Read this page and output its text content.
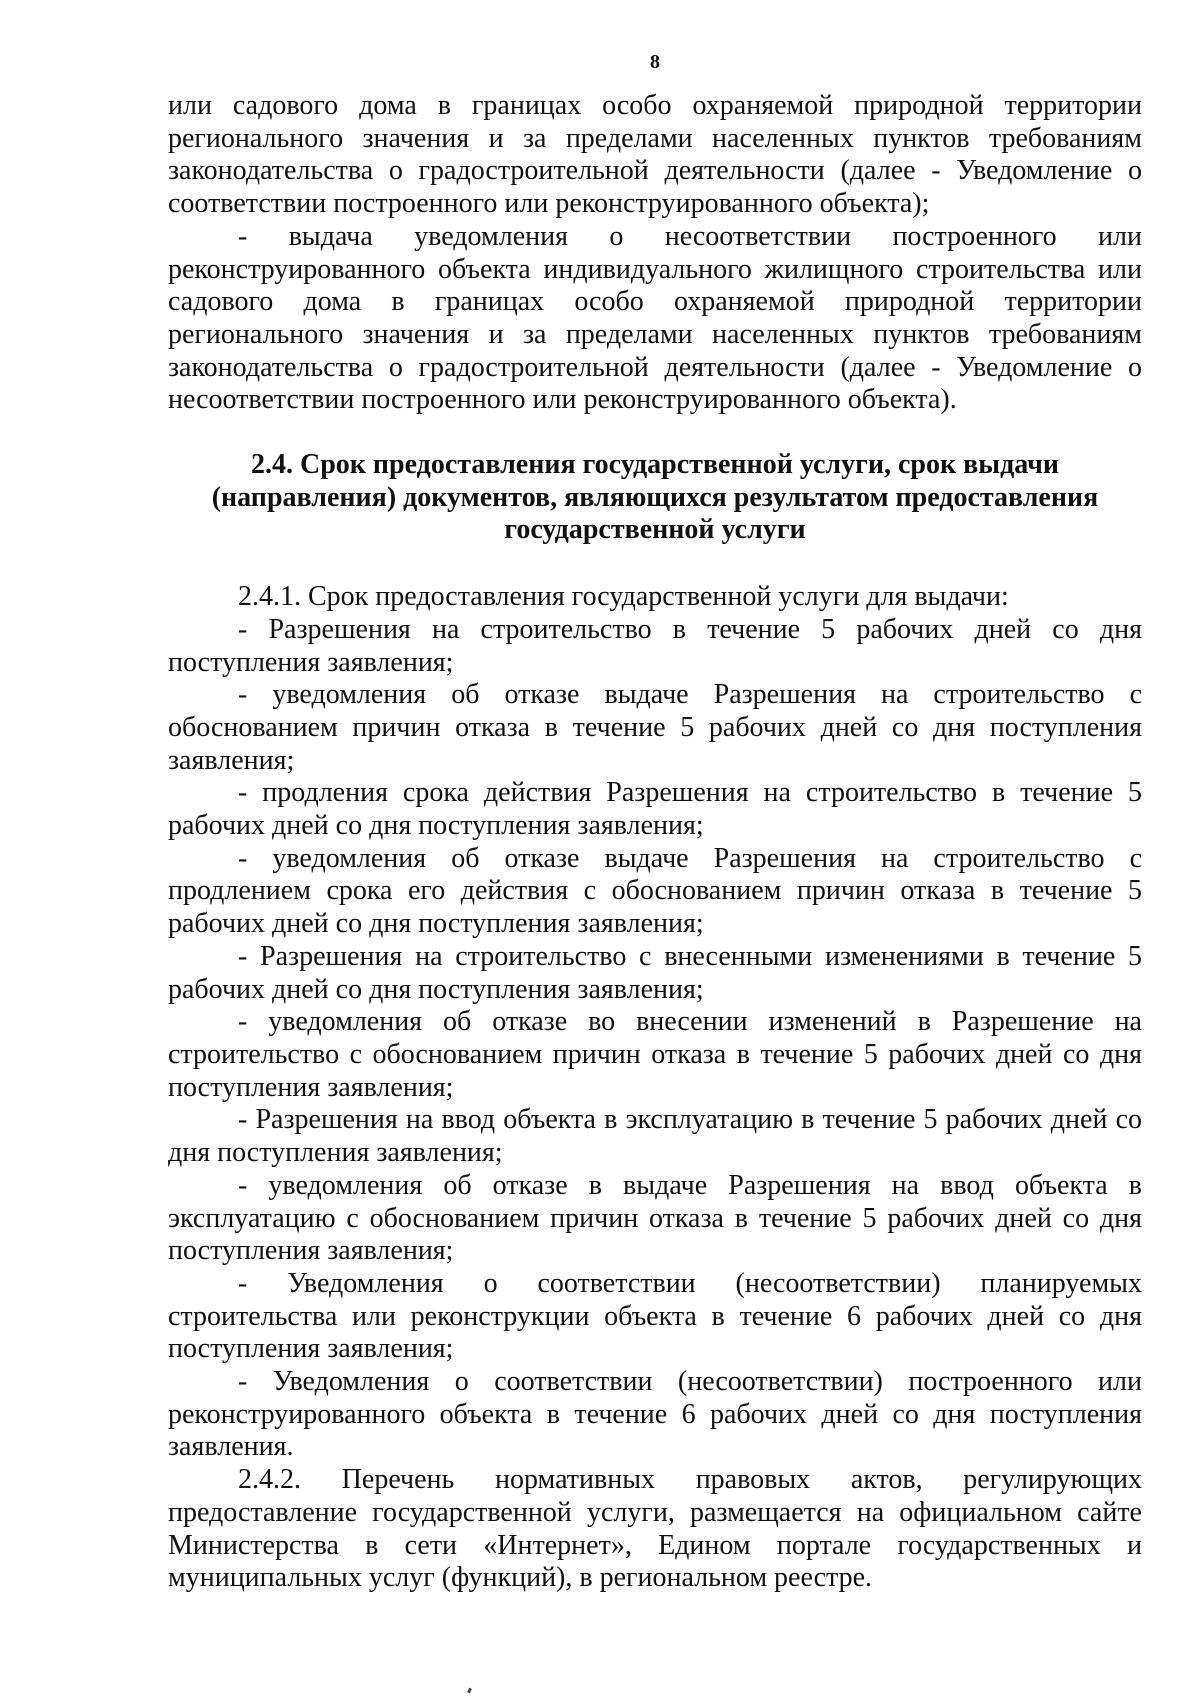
8

или садового дома в границах особо охраняемой природной территории регионального значения и за пределами населенных пунктов требованиям законодательства о градостроительной деятельности (далее - Уведомление о соответствии построенного или реконструированного объекта);

- выдача уведомления о несоответствии построенного или реконструированного объекта индивидуального жилищного строительства или садового дома в границах особо охраняемой природной территории регионального значения и за пределами населенных пунктов требованиям законодательства о градостроительной деятельности (далее - Уведомление о несоответствии построенного или реконструированного объекта).

2.4. Срок предоставления государственной услуги, срок выдачи
(направления) документов, являющихся результатом предоставления
государственной услуги

2.4.1. Срок предоставления государственной услуги для выдачи:

- Разрешения на строительство в течение 5 рабочих дней со дня поступления заявления;

- уведомления об отказе выдаче Разрешения на строительство с обоснованием причин отказа в течение 5 рабочих дней со дня поступления заявления;

- продления срока действия Разрешения на строительство в течение 5 рабочих дней со дня поступления заявления;

- уведомления об отказе выдаче Разрешения на строительство с продлением срока его действия с обоснованием причин отказа в течение 5 рабочих дней со дня поступления заявления;

- Разрешения на строительство с внесенными изменениями в течение 5 рабочих дней со дня поступления заявления;

- уведомления об отказе во внесении изменений в Разрешение на строительство с обоснованием причин отказа в течение 5 рабочих дней со дня поступления заявления;

- Разрешения на ввод объекта в эксплуатацию в течение 5 рабочих дней со дня поступления заявления;

- уведомления об отказе в выдаче Разрешения на ввод объекта в эксплуатацию с обоснованием причин отказа в течение 5 рабочих дней со дня поступления заявления;

- Уведомления о соответствии (несоответствии) планируемых строительства или реконструкции объекта в течение 6 рабочих дней со дня поступления заявления;

- Уведомления о соответствии (несоответствии) построенного или реконструированного объекта в течение 6 рабочих дней со дня поступления заявления.

2.4.2. Перечень нормативных правовых актов, регулирующих предоставление государственной услуги, размещается на официальном сайте Министерства в сети «Интернет», Едином портале государственных и муниципальных услуг (функций), в региональном реестре.
